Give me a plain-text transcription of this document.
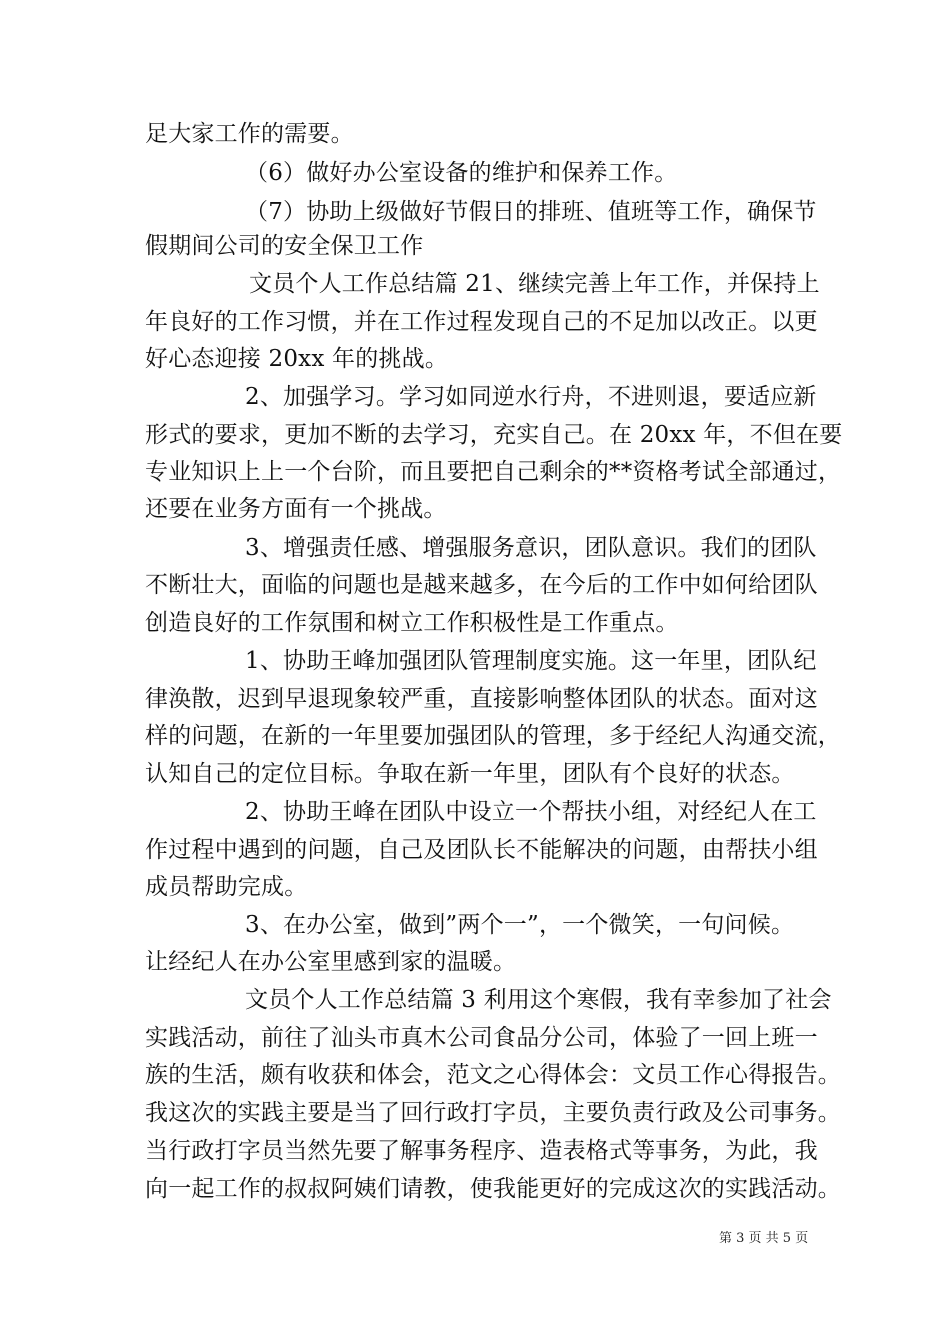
足大家工作的需要。
（6）做好办公室设备的维护和保养工作。
（7）协助上级做好节假日的排班、值班等工作，确保节
假期间公司的安全保卫工作
文员个人工作总结篇 21、继续完善上年工作，并保持上
年良好的工作习惯，并在工作过程发现自己的不足加以改正。以更
好心态迎接 20xx 年的挑战。
2、加强学习。学习如同逆水行舟，不进则退，要适应新
形式的要求，更加不断的去学习，充实自己。在 20xx 年，不但在要
专业知识上上一个台阶，而且要把自己剩余的**资格考试全部通过，
还要在业务方面有一个挑战。
3、增强责任感、增强服务意识，团队意识。我们的团队
不断壮大，面临的问题也是越来越多，在今后的工作中如何给团队
创造良好的工作氛围和树立工作积极性是工作重点。
1、协助王峰加强团队管理制度实施。这一年里，团队纪
律涣散，迟到早退现象较严重，直接影响整体团队的状态。面对这
样的问题，在新的一年里要加强团队的管理，多于经纪人沟通交流，
认知自己的定位目标。争取在新一年里，团队有个良好的状态。
2、协助王峰在团队中设立一个帮扶小组，对经纪人在工
作过程中遇到的问题，自己及团队长不能解决的问题，由帮扶小组
成员帮助完成。
3、在办公室，做到”两个一”，一个微笑，一句问候。
让经纪人在办公室里感到家的温暖。
文员个人工作总结篇 3 利用这个寒假，我有幸参加了社会
实践活动，前往了汕头市真木公司食品分公司，体验了一回上班一
族的生活，颇有收获和体会，范文之心得体会：文员工作心得报告。
我这次的实践主要是当了回行政打字员，主要负责行政及公司事务。
当行政打字员当然先要了解事务程序、造表格式等事务，为此，我
向一起工作的叔叔阿姨们请教，使我能更好的完成这次的实践活动。
第 3 页 共 5 页
